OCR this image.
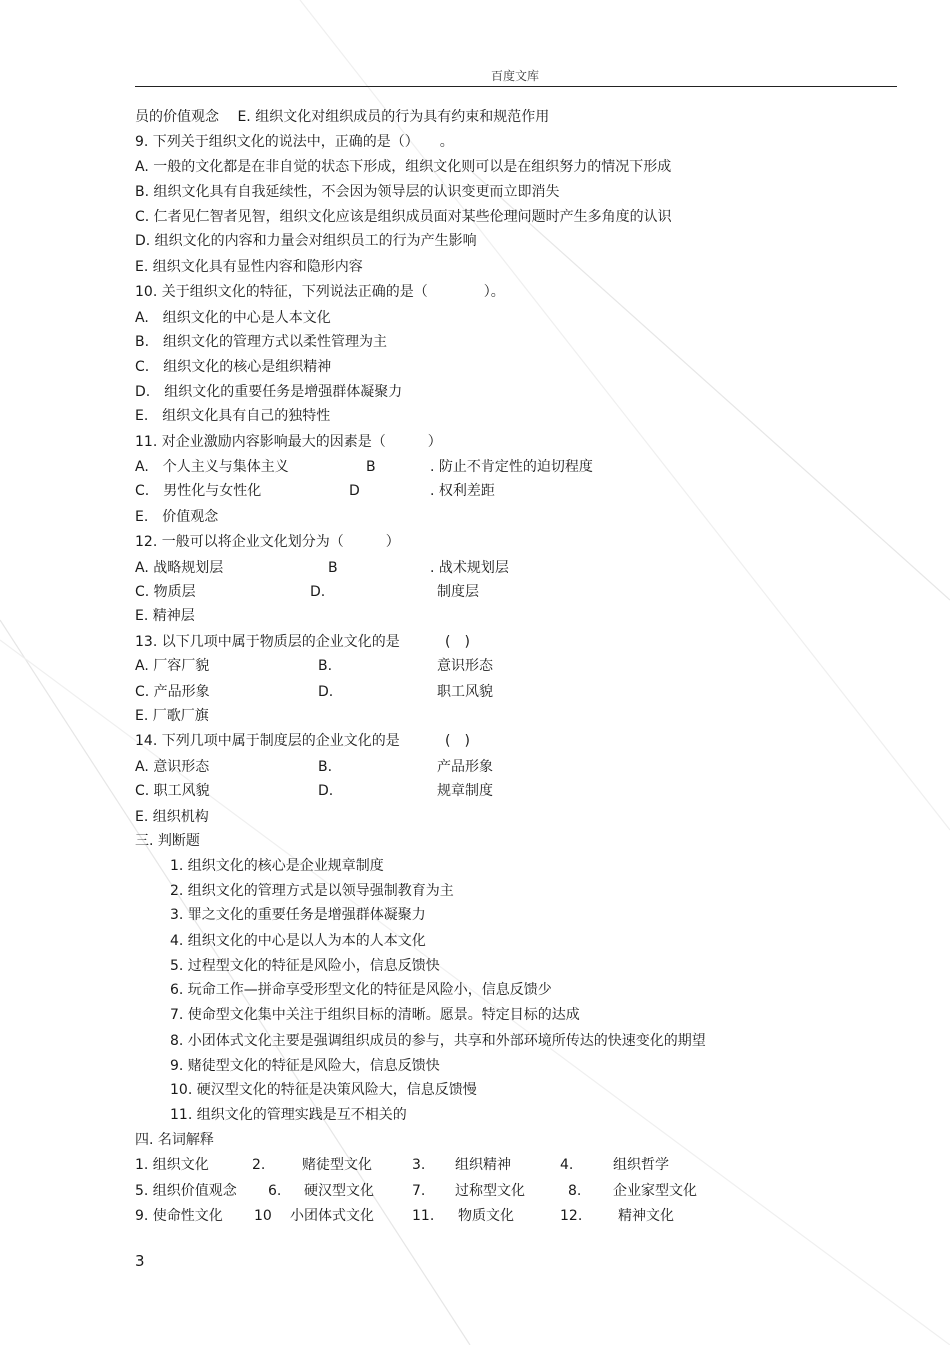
百度文库
员的价值观念　 E. 组织文化对组织成员的行为具有约束和规范作用
9. 下列关于组织文化的说法中，正确的是（）　　。
A. 一般的文化都是在非自觉的状态下形成，组织文化则可以是在组织努力的情况下形成
B. 组织文化具有自我延续性，不会因为领导层的认识变更而立即消失
C. 仁者见仁智者见智，组织文化应该是组织成员面对某些伦理问题时产生多角度的认识
D. 组织文化的内容和力量会对组织员工的行为产生影响
E. 组织文化具有显性内容和隐形内容
10. 关于组织文化的特征，下列说法正确的是（　　　　）。
A.　组织文化的中心是人本文化
B.　组织文化的管理方式以柔性管理为主
C.　组织文化的核心是组织精神
D.　组织文化的重要任务是增强群体凝聚力
E.　组织文化具有自己的独特性
11. 对企业激励内容影响最大的因素是（　　　）
A.　个人主义与集体主义	B	. 防止不肯定性的迫切程度
C.　男性化与女性化	D	. 权利差距
E.　价值观念
12. 一般可以将企业文化划分为（　　　）
A. 战略规划层	B	. 战术规划层
C. 物质层	D.	制度层
E. 精神层
13. 以下几项中属于物质层的企业文化的是	(　)
A. 厂容厂貌	B.	意识形态
C. 产品形象	D.	职工风貌
E. 厂歌厂旗
14. 下列几项中属于制度层的企业文化的是	(　)
A. 意识形态	B.	产品形象
C. 职工风貌	D.	规章制度
E. 组织机构
三. 判断题
1. 组织文化的核心是企业规章制度
2. 组织文化的管理方式是以领导强制教育为主
3. 罪之文化的重要任务是增强群体凝聚力
4. 组织文化的中心是以人为本的人本文化
5. 过程型文化的特征是风险小，信息反馈快
6. 玩命工作—拼命享受形型文化的特征是风险小，信息反馈少
7. 使命型文化集中关注于组织目标的清晰。愿景。特定目标的达成
8. 小团体式文化主要是强调组织成员的参与，共享和外部环境所传达的快速变化的期望
9. 赌徒型文化的特征是风险大，信息反馈快
10. 硬汉型文化的特征是决策风险大，信息反馈慢
11. 组织文化的管理实践是互不相关的
四. 名词解释
1. 组织文化	2.	赌徒型文化	3. 组织精神	4.	组织哲学
5. 组织价值观念 6. 硬汉型文化	7. 过称型文化	8. 企业家型文化
9. 使命性文化 10 小团体式文化	11. 物质文化	12.	精神文化
3
